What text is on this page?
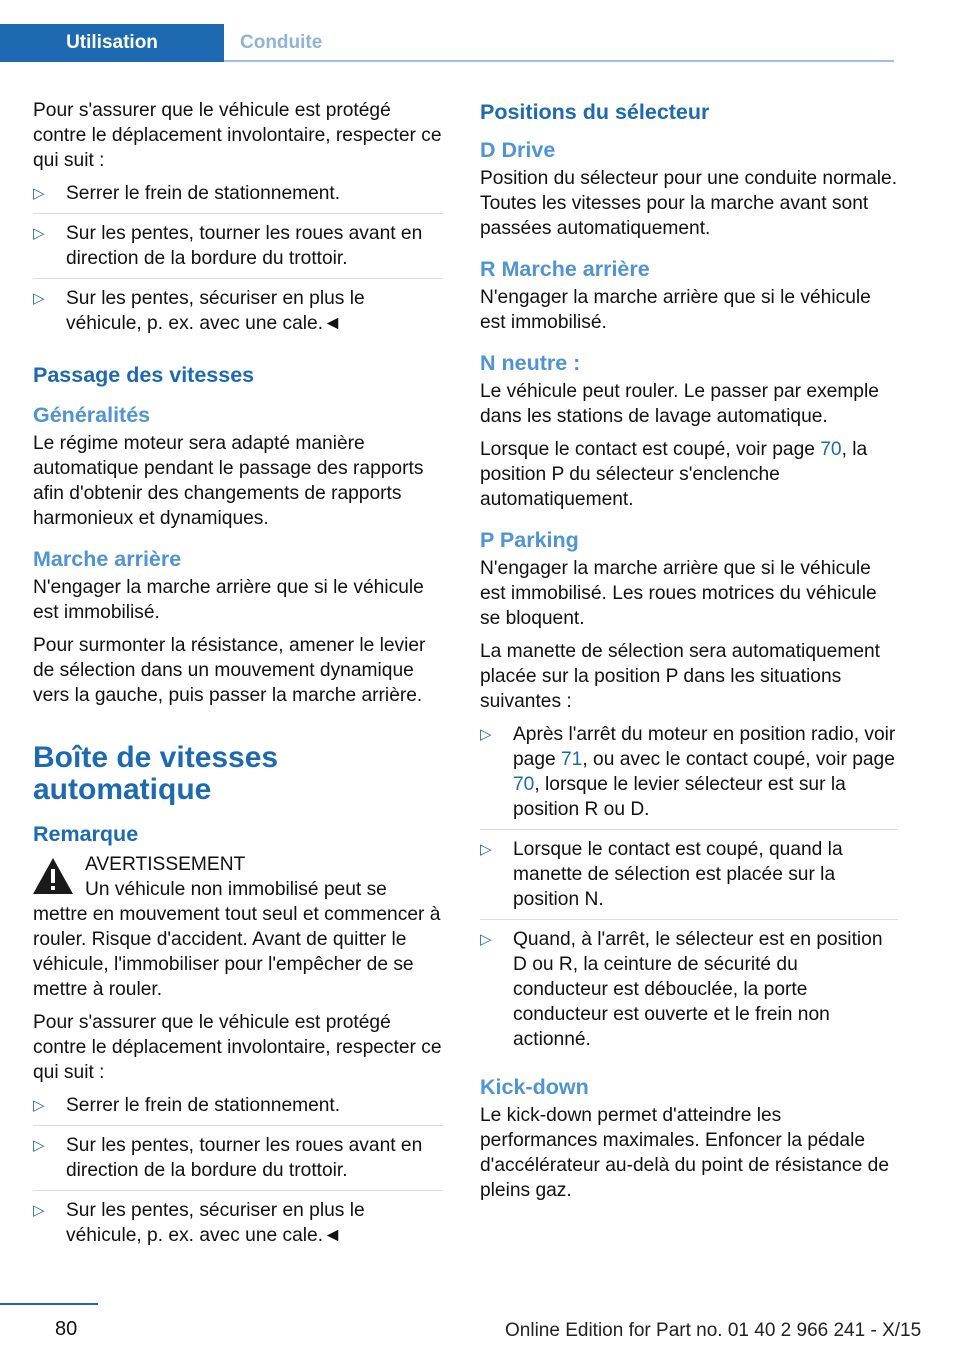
Utilisation	Conduite

Pour s'assurer que le véhicule est protégé contre le déplacement involontaire, respecter ce qui suit :

▷ Serrer le frein de stationnement.
▷ Sur les pentes, tourner les roues avant en direction de la bordure du trottoir.
▷ Sur les pentes, sécuriser en plus le véhicule, p. ex. avec une cale.◄
Passage des vitesses
Généralités

Le régime moteur sera adapté manière automatique pendant le passage des rapports afin d'obtenir des changements de rapports harmonieux et dynamiques.

Marche arrière

N'engager la marche arrière que si le véhicule est immobilisé.

Pour surmonter la résistance, amener le levier de sélection dans un mouvement dynamique vers la gauche, puis passer la marche arrière.

Boîte de vitesses
automatique
Remarque
AVERTISSEMENT

Un véhicule non immobilisé peut se mettre en mouvement tout seul et commencer à rouler. Risque d'accident. Avant de quitter le véhicule, l'immobiliser pour l'empêcher de se mettre à rouler.

Pour s'assurer que le véhicule est protégé contre le déplacement involontaire, respecter ce qui suit :

▷ Serrer le frein de stationnement.
▷ Sur les pentes, tourner les roues avant en direction de la bordure du trottoir.
▷ Sur les pentes, sécuriser en plus le véhicule, p. ex. avec une cale.◄
Positions du sélecteur
D Drive

Position du sélecteur pour une conduite normale. Toutes les vitesses pour la marche avant sont passées automatiquement.

R Marche arrière

N'engager la marche arrière que si le véhicule est immobilisé.

N neutre :

Le véhicule peut rouler. Le passer par exemple dans les stations de lavage automatique.

Lorsque le contact est coupé, voir page 70, la position P du sélecteur s'enclenche automatiquement.

P Parking

N'engager la marche arrière que si le véhicule est immobilisé. Les roues motrices du véhicule se bloquent.

La manette de sélection sera automatiquement placée sur la position P dans les situations suivantes :

▷ Après l'arrêt du moteur en position radio, voir page 71, ou avec le contact coupé, voir page 70, lorsque le levier sélecteur est sur la position R ou D.
▷ Lorsque le contact est coupé, quand la manette de sélection est placée sur la position N.
▷ Quand, à l'arrêt, le sélecteur est en position D ou R, la ceinture de sécurité du conducteur est débouclée, la porte conducteur est ouverte et le frein non actionné.
Kick-down

Le kick-down permet d'atteindre les performances maximales. Enfoncer la pédale d'accélérateur au-delà du point de résistance de pleins gaz.

80	Online Edition for Part no. 01 40 2 966 241 - X/15
